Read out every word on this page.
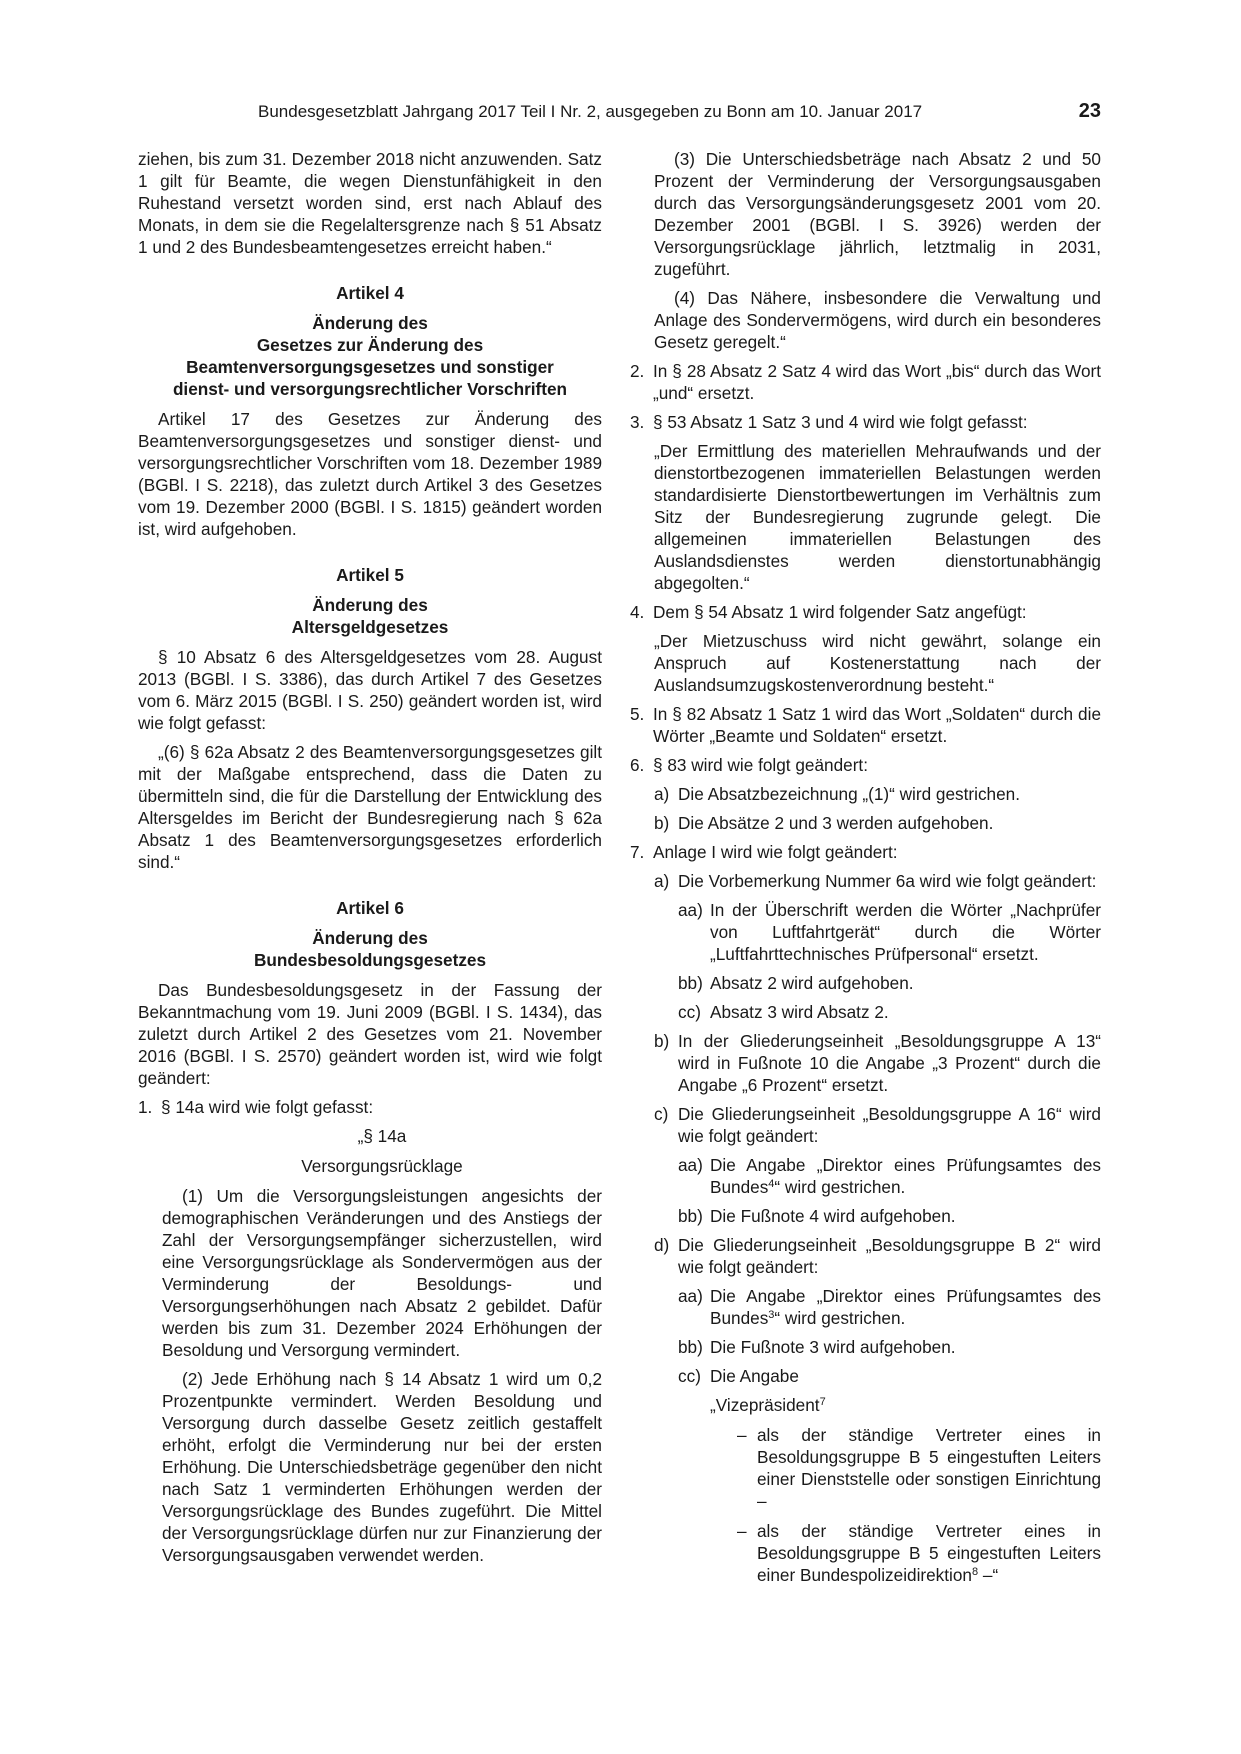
Bundesgesetzblatt Jahrgang 2017 Teil I Nr. 2, ausgegeben zu Bonn am 10. Januar 2017	23

ziehen, bis zum 31. Dezember 2018 nicht anzuwenden. Satz 1 gilt für Beamte, die wegen Dienstunfähigkeit in den Ruhestand versetzt worden sind, erst nach Ablauf des Monats, in dem sie die Regelaltersgrenze nach § 51 Absatz 1 und 2 des Bundesbeamtengesetzes erreicht haben.“

Artikel 4

Änderung des

Gesetzes zur Änderung des

Beamtenversorgungsgesetzes und sonstiger

dienst- und versorgungsrechtlicher Vorschriften

Artikel 17 des Gesetzes zur Änderung des Beamtenversorgungsgesetzes und sonstiger dienst- und versorgungsrechtlicher Vorschriften vom 18. Dezember 1989 (BGBl. I S. 2218), das zuletzt durch Artikel 3 des Gesetzes vom 19. Dezember 2000 (BGBl. I S. 1815) geändert worden ist, wird aufgehoben.

Artikel 5

Änderung des

Altersgeldgesetzes

§ 10 Absatz 6 des Altersgeldgesetzes vom 28. August 2013 (BGBl. I S. 3386), das durch Artikel 7 des Gesetzes vom 6. März 2015 (BGBl. I S. 250) geändert worden ist, wird wie folgt gefasst:

„(6) § 62a Absatz 2 des Beamtenversorgungsgesetzes gilt mit der Maßgabe entsprechend, dass die Daten zu übermitteln sind, die für die Darstellung der Entwicklung des Altersgeldes im Bericht der Bundesregierung nach § 62a Absatz 1 des Beamtenversorgungsgesetzes erforderlich sind.“

Artikel 6

Änderung des

Bundesbesoldungsgesetzes

Das Bundesbesoldungsgesetz in der Fassung der Bekanntmachung vom 19. Juni 2009 (BGBl. I S. 1434), das zuletzt durch Artikel 2 des Gesetzes vom 21. November 2016 (BGBl. I S. 2570) geändert worden ist, wird wie folgt geändert:

1. § 14a wird wie folgt gefasst:

„§ 14a

Versorgungsrücklage

(1) Um die Versorgungsleistungen angesichts der demographischen Veränderungen und des Anstiegs der Zahl der Versorgungsempfänger sicherzustellen, wird eine Versorgungsrücklage als Sondervermögen aus der Verminderung der Besoldungs- und Versorgungserhöhungen nach Absatz 2 gebildet. Dafür werden bis zum 31. Dezember 2024 Erhöhungen der Besoldung und Versorgung vermindert.

(2) Jede Erhöhung nach § 14 Absatz 1 wird um 0,2 Prozentpunkte vermindert. Werden Besoldung und Versorgung durch dasselbe Gesetz zeitlich gestaffelt erhöht, erfolgt die Verminderung nur bei der ersten Erhöhung. Die Unterschiedsbeträge gegenüber den nicht nach Satz 1 verminderten Erhöhungen werden der Versorgungsrücklage des Bundes zugeführt. Die Mittel der Versorgungsrücklage dürfen nur zur Finanzierung der Versorgungsausgaben verwendet werden.

(3) Die Unterschiedsbeträge nach Absatz 2 und 50 Prozent der Verminderung der Versorgungsausgaben durch das Versorgungsänderungsgesetz 2001 vom 20. Dezember 2001 (BGBl. I S. 3926) werden der Versorgungsrücklage jährlich, letztmalig in 2031, zugeführt.

(4) Das Nähere, insbesondere die Verwaltung und Anlage des Sondervermögens, wird durch ein besonderes Gesetz geregelt.“

2. In § 28 Absatz 2 Satz 4 wird das Wort „bis“ durch das Wort „und“ ersetzt.
3. § 53 Absatz 1 Satz 3 und 4 wird wie folgt gefasst:

„Der Ermittlung des materiellen Mehraufwands und der dienstortbezogenen immateriellen Belastungen werden standardisierte Dienstortbewertungen im Verhältnis zum Sitz der Bundesregierung zugrunde gelegt. Die allgemeinen immateriellen Belastungen des Auslandsdienstes werden dienstortunabhängig abgegolten.“

4. Dem § 54 Absatz 1 wird folgender Satz angefügt:

„Der Mietzuschuss wird nicht gewährt, solange ein Anspruch auf Kostenerstattung nach der Auslandsumzugskostenverordnung besteht.“

5. In § 82 Absatz 1 Satz 1 wird das Wort „Soldaten“ durch die Wörter „Beamte und Soldaten“ ersetzt.
6. § 83 wird wie folgt geändert:
a) Die Absatzbezeichnung „(1)“ wird gestrichen.
b) Die Absätze 2 und 3 werden aufgehoben.
7. Anlage I wird wie folgt geändert:
a) Die Vorbemerkung Nummer 6a wird wie folgt geändert:
aa) In der Überschrift werden die Wörter „Nachprüfer von Luftfahrtgerät“ durch die Wörter „Luftfahrttechnisches Prüfpersonal“ ersetzt.
bb) Absatz 2 wird aufgehoben.
cc) Absatz 3 wird Absatz 2.
b) In der Gliederungseinheit „Besoldungsgruppe A 13“ wird in Fußnote 10 die Angabe „3 Prozent“ durch die Angabe „6 Prozent“ ersetzt.
c) Die Gliederungseinheit „Besoldungsgruppe A 16“ wird wie folgt geändert:
aa) Die Angabe „Direktor eines Prüfungsamtes des Bundes$^4$“ wird gestrichen.
bb) Die Fußnote 4 wird aufgehoben.
d) Die Gliederungseinheit „Besoldungsgruppe B 2“ wird wie folgt geändert:
aa) Die Angabe „Direktor eines Prüfungsamtes des Bundes$^3$“ wird gestrichen.
bb) Die Fußnote 3 wird aufgehoben.
cc) Die Angabe

„Vizepräsident$^7$

– als der ständige Vertreter eines in Besoldungsgruppe B 5 eingestuften Leiters einer Dienststelle oder sonstigen Einrichtung –
– als der ständige Vertreter eines in Besoldungsgruppe B 5 eingestuften Leiters einer Bundespolizeidirektion$^8$ –“
